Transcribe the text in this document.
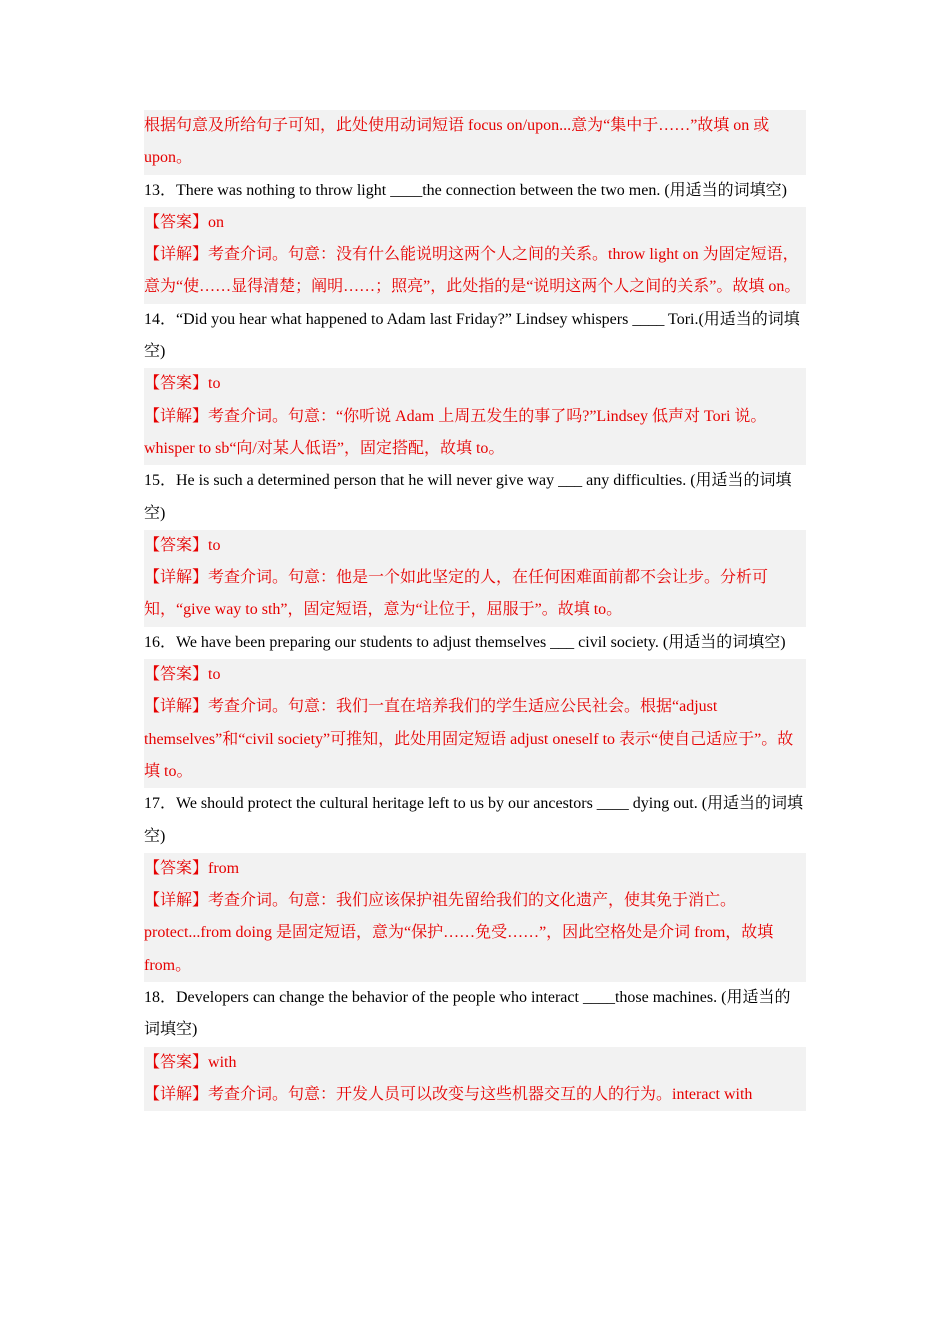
根据句意及所给句子可知，此处使用动词短语 focus on/upon...意为“集中于……”故填 on 或 upon。
13．There was nothing to throw light ____the connection between the two men. (用适当的词填空)
【答案】on
【详解】考查介词。句意：没有什么能说明这两个人之间的关系。throw light on 为固定短语，意为“使……显得清楚；阐明……；照亮”，此处指的是“说明这两个人之间的关系”。故填 on。
14．“Did you hear what happened to Adam last Friday?” Lindsey whispers ____ Tori.(用适当的词填空)
【答案】to
【详解】考查介词。句意：“你听说 Adam 上周五发生的事了吗?”Lindsey 低声对 Tori 说。whisper to sb“向/对某人低语”，固定搭配，故填 to。
15．He is such a determined person that he will never give way ___ any difficulties. (用适当的词填空)
【答案】to
【详解】考查介词。句意：他是一个如此坚定的人，在任何困难面前都不会让步。分析可知，“give way to sth”，固定短语，意为“让位于，屈服于”。故填 to。
16．We have been preparing our students to adjust themselves ___ civil society. (用适当的词填空)
【答案】to
【详解】考查介词。句意：我们一直在培养我们的学生适应公民社会。根据“adjust themselves”和“civil society”可推知，此处用固定短语 adjust oneself to 表示“使自己适应于”。故填 to。
17．We should protect the cultural heritage left to us by our ancestors ____ dying out. (用适当的词填空)
【答案】from
【详解】考查介词。句意：我们应该保护祖先留给我们的文化遗产，使其免于消亡。protect...from doing 是固定短语，意为“保护……免受……”，因此空格处是介词 from，故填 from。
18．Developers can change the behavior of the people who interact ____those machines. (用适当的词填空)
【答案】with
【详解】考查介词。句意：开发人员可以改变与这些机器交互的人的行为。interact with
